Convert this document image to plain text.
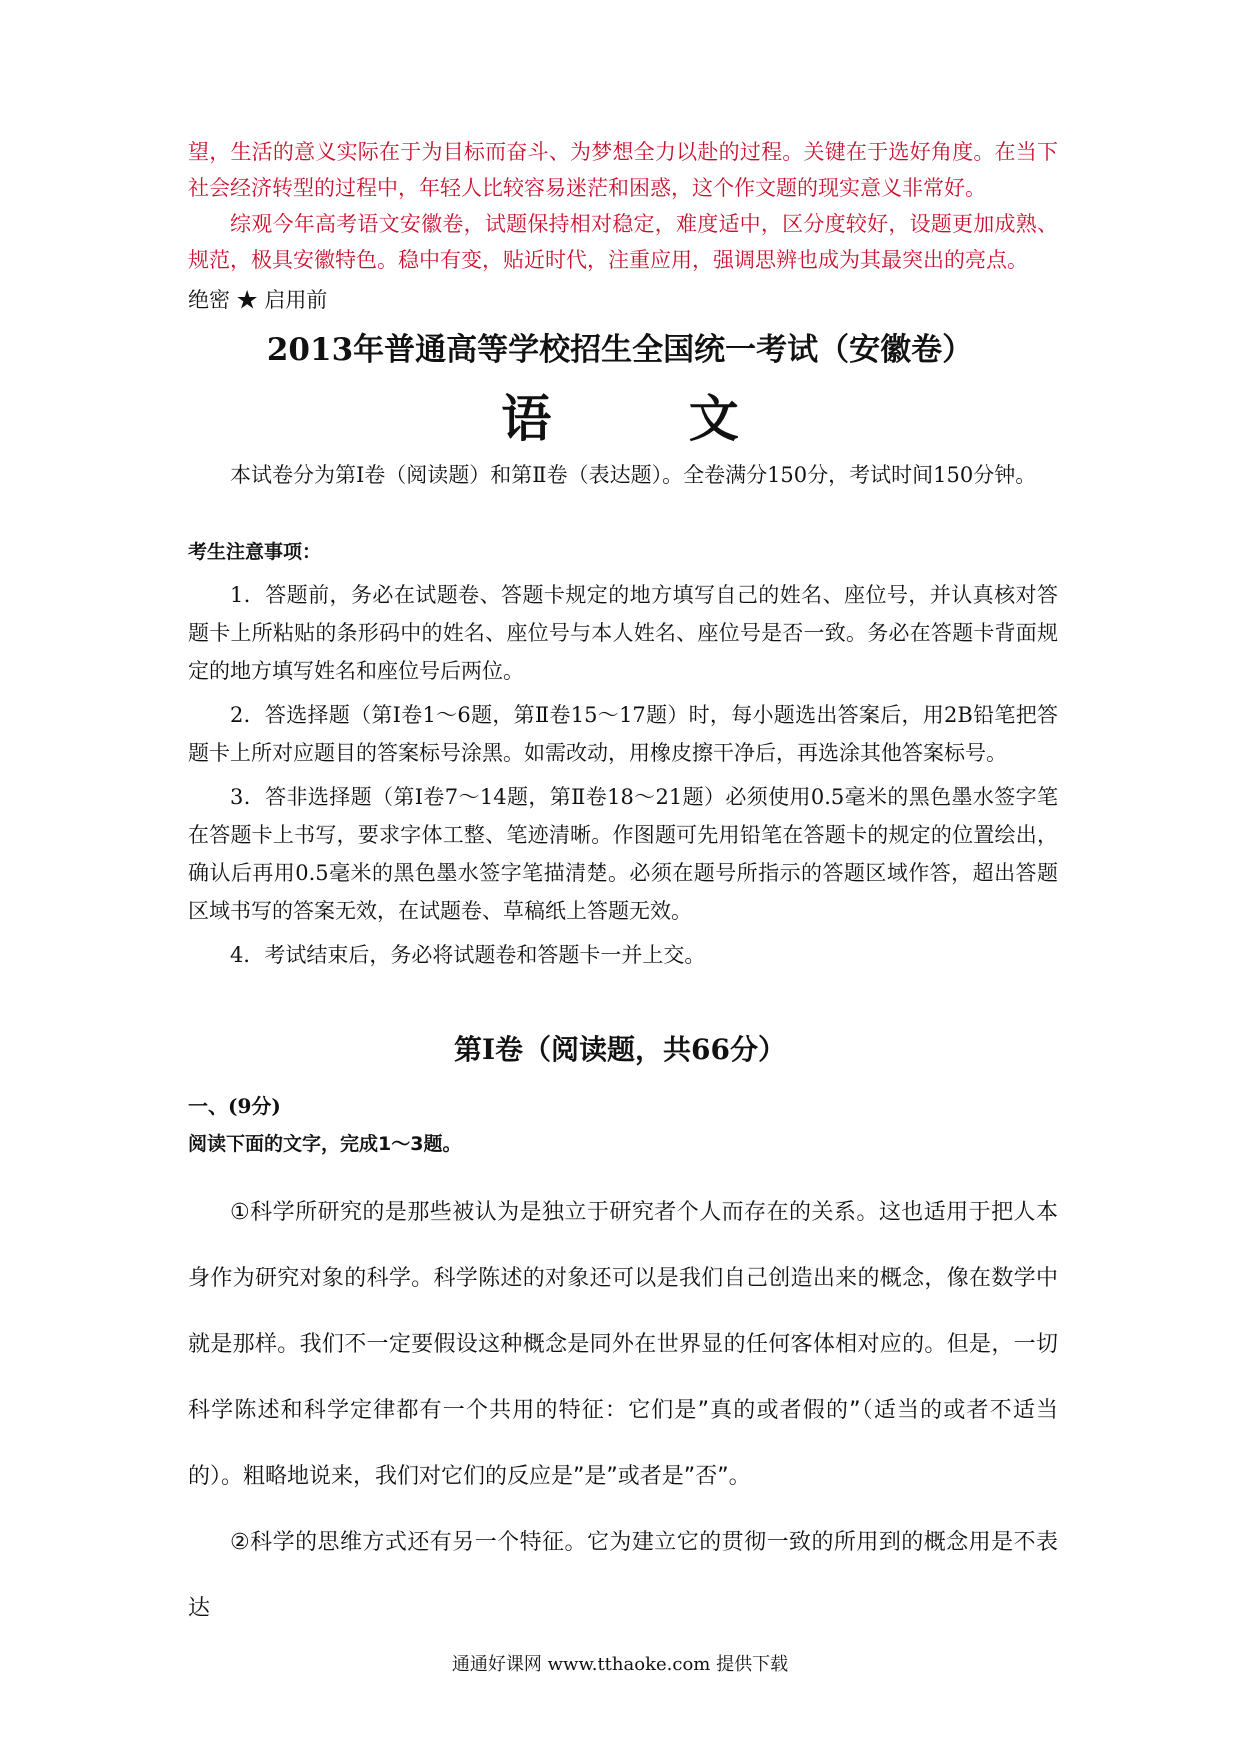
望，生活的意义实际在于为目标而奋斗、为梦想全力以赴的过程。关键在于选好角度。在当下社会经济转型的过程中，年轻人比较容易迷茫和困惑，这个作文题的现实意义非常好。

综观今年高考语文安徽卷，试题保持相对稳定，难度适中，区分度较好，设题更加成熟、规范，极具安徽特色。稳中有变，贴近时代，注重应用，强调思辨也成为其最突出的亮点。

绝密 ★ 启用前

2013年普通高等学校招生全国统一考试（安徽卷）
语 文

本试卷分为第Ⅰ卷（阅读题）和第Ⅱ卷（表达题）。全卷满分150分，考试时间150分钟。

考生注意事项：

1．答题前，务必在试题卷、答题卡规定的地方填写自己的姓名、座位号，并认真核对答题卡上所粘贴的条形码中的姓名、座位号与本人姓名、座位号是否一致。务必在答题卡背面规定的地方填写姓名和座位号后两位。

2．答选择题（第Ⅰ卷1～6题，第Ⅱ卷15～17题）时，每小题选出答案后，用2B铅笔把答题卡上所对应题目的答案标号涂黑。如需改动，用橡皮擦干净后，再选涂其他答案标号。

3．答非选择题（第Ⅰ卷7～14题，第Ⅱ卷18～21题）必须使用0.5毫米的黑色墨水签字笔在答题卡上书写，要求字体工整、笔迹清晰。作图题可先用铅笔在答题卡的规定的位置绘出，确认后再用0.5毫米的黑色墨水签字笔描清楚。必须在题号所指示的答题区域作答，超出答题区域书写的答案无效，在试题卷、草稿纸上答题无效。

4．考试结束后，务必将试题卷和答题卡一并上交。

第Ⅰ卷（阅读题，共66分）

一、(9分)

阅读下面的文字，完成1～3题。

①科学所研究的是那些被认为是独立于研究者个人而存在的关系。这也适用于把人本身作为研究对象的科学。科学陈述的对象还可以是我们自己创造出来的概念，像在数学中就是那样。我们不一定要假设这种概念是同外在世界显的任何客体相对应的。但是，一切科学陈述和科学定律都有一个共用的特征：它们是”真的或者假的”（适当的或者不适当的）。粗略地说来，我们对它们的反应是”是”或者是”否”。

②科学的思维方式还有另一个特征。它为建立它的贯彻一致的所用到的概念用是不表达

通通好课网 www.tthaoke.com 提供下载
